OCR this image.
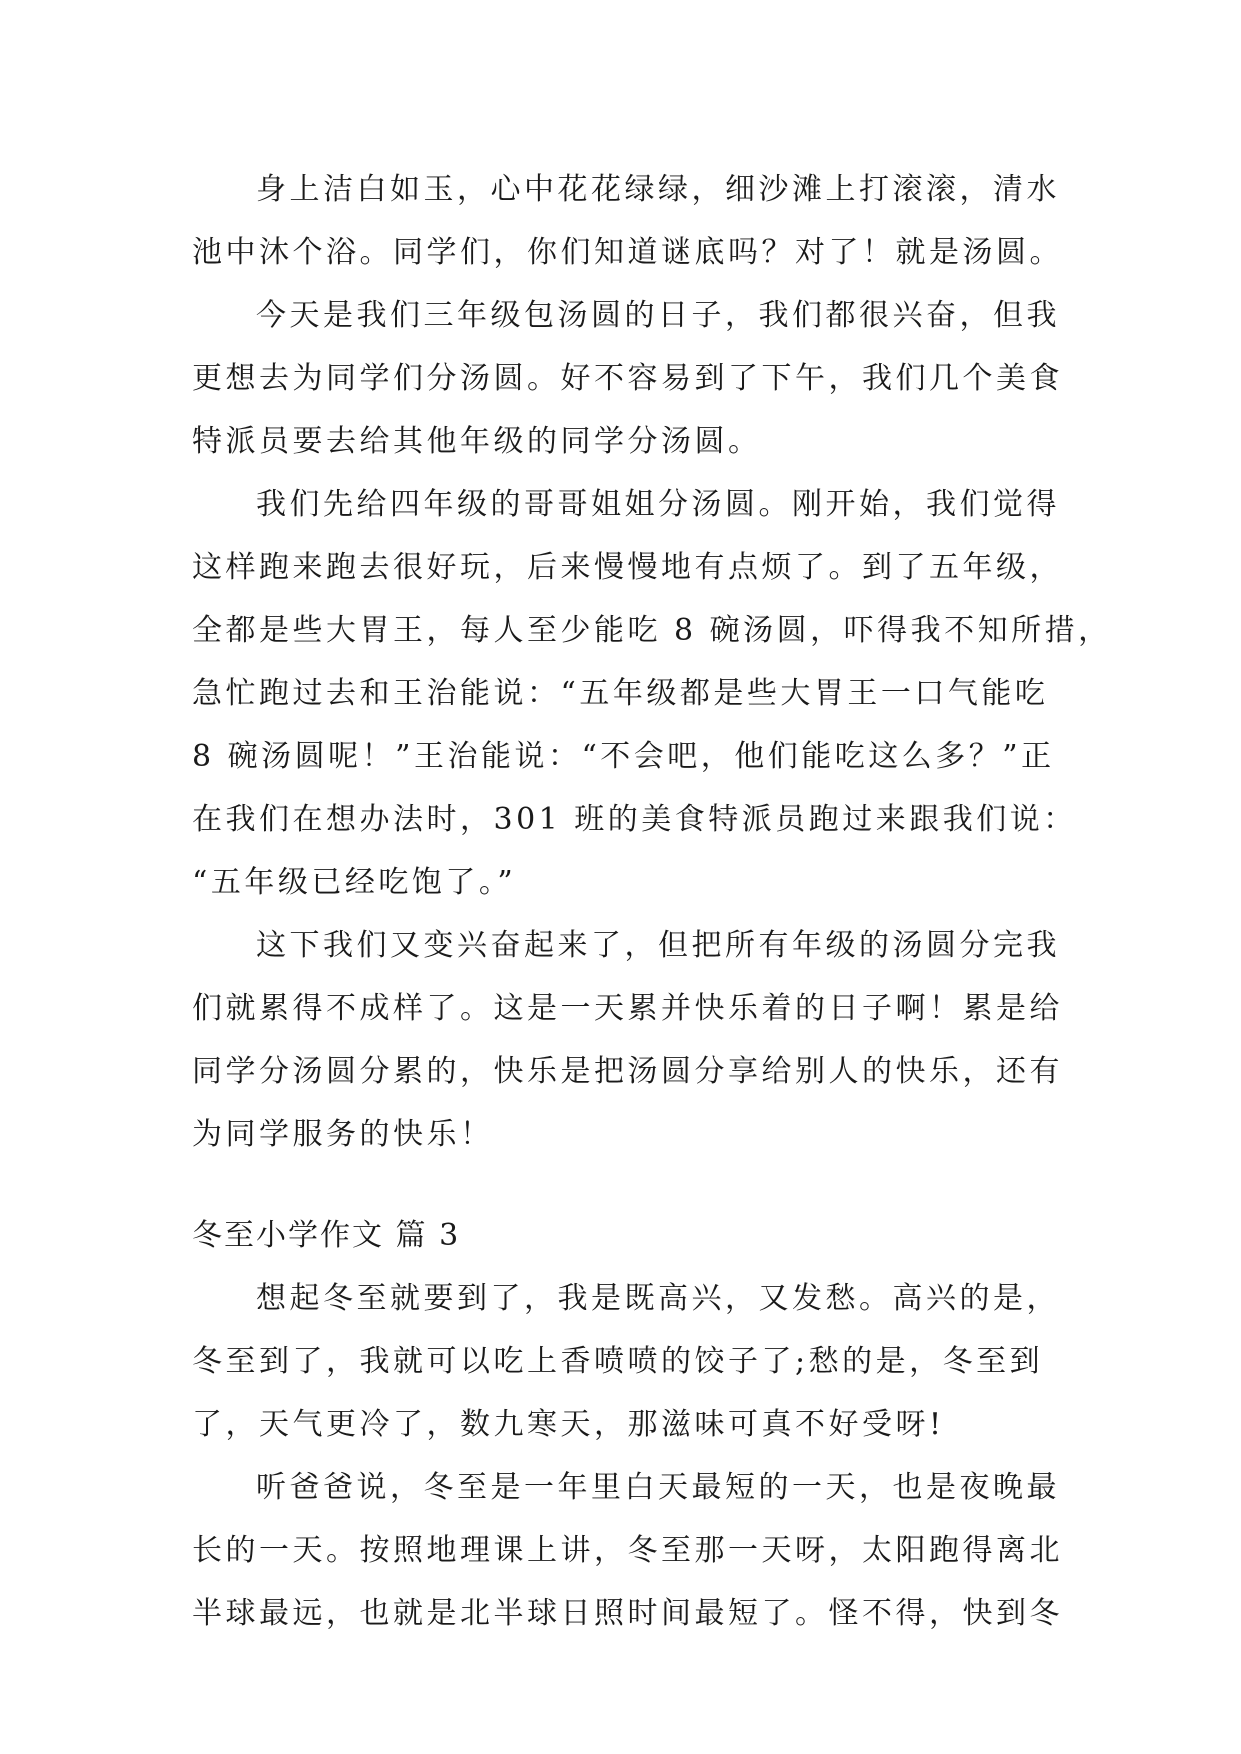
身上洁白如玉，心中花花绿绿，细沙滩上打滚滚，清水
池中沐个浴。同学们，你们知道谜底吗？对了！就是汤圆。
今天是我们三年级包汤圆的日子，我们都很兴奋，但我
更想去为同学们分汤圆。好不容易到了下午，我们几个美食
特派员要去给其他年级的同学分汤圆。
我们先给四年级的哥哥姐姐分汤圆。刚开始，我们觉得
这样跑来跑去很好玩，后来慢慢地有点烦了。到了五年级，
全都是些大胃王，每人至少能吃 8 碗汤圆，吓得我不知所措，
急忙跑过去和王治能说：“五年级都是些大胃王一口气能吃
8 碗汤圆呢！”王治能说：“不会吧，他们能吃这么多？”正
在我们在想办法时，301 班的美食特派员跑过来跟我们说：
“五年级已经吃饱了。”
这下我们又变兴奋起来了，但把所有年级的汤圆分完我
们就累得不成样了。这是一天累并快乐着的日子啊！累是给
同学分汤圆分累的，快乐是把汤圆分享给别人的快乐，还有
为同学服务的快乐！
冬至小学作文 篇 3
想起冬至就要到了，我是既高兴，又发愁。高兴的是，
冬至到了，我就可以吃上香喷喷的饺子了;愁的是，冬至到
了，天气更冷了，数九寒天，那滋味可真不好受呀!
听爸爸说，冬至是一年里白天最短的一天，也是夜晚最
长的一天。按照地理课上讲，冬至那一天呀，太阳跑得离北
半球最远，也就是北半球日照时间最短了。怪不得，快到冬
